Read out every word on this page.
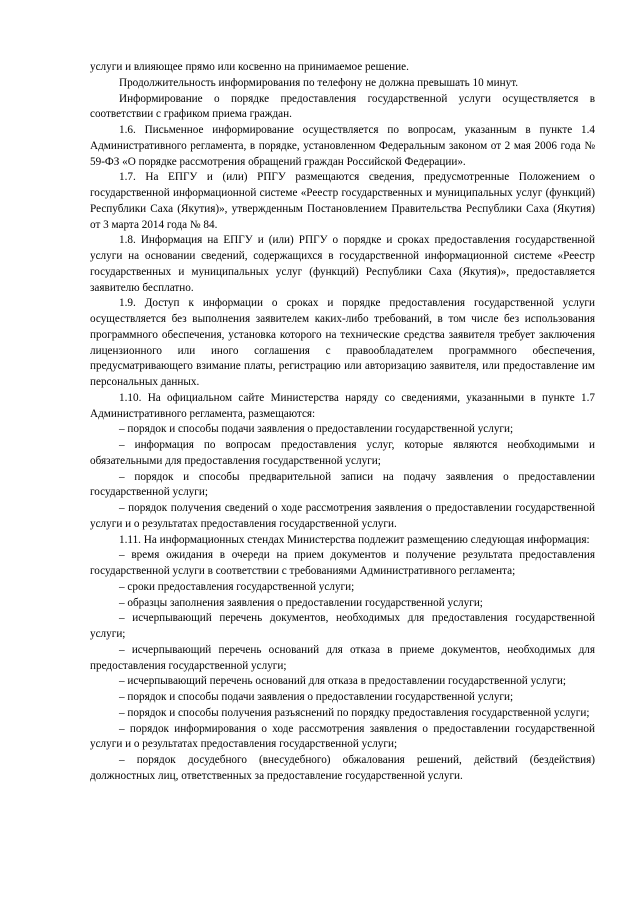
услуги и влияющее прямо или косвенно на принимаемое решение.

Продолжительность информирования по телефону не должна превышать 10 минут.

Информирование о порядке предоставления государственной услуги осуществляется в соответствии с графиком приема граждан.

1.6. Письменное информирование осуществляется по вопросам, указанным в пункте 1.4 Административного регламента, в порядке, установленном Федеральным законом от 2 мая 2006 года № 59-ФЗ «О порядке рассмотрения обращений граждан Российской Федерации».

1.7. На ЕПГУ и (или) РПГУ размещаются сведения, предусмотренные Положением о государственной информационной системе «Реестр государственных и муниципальных услуг (функций) Республики Саха (Якутия)», утвержденным Постановлением Правительства Республики Саха (Якутия) от 3 марта 2014 года № 84.

1.8. Информация на ЕПГУ и (или) РПГУ о порядке и сроках предоставления государственной услуги на основании сведений, содержащихся в государственной информационной системе «Реестр государственных и муниципальных услуг (функций) Республики Саха (Якутия)», предоставляется заявителю бесплатно.

1.9. Доступ к информации о сроках и порядке предоставления государственной услуги осуществляется без выполнения заявителем каких-либо требований, в том числе без использования программного обеспечения, установка которого на технические средства заявителя требует заключения лицензионного или иного соглашения с правообладателем программного обеспечения, предусматривающего взимание платы, регистрацию или авторизацию заявителя, или предоставление им персональных данных.

1.10. На официальном сайте Министерства наряду со сведениями, указанными в пункте 1.7 Административного регламента, размещаются:

– порядок и способы подачи заявления о предоставлении государственной услуги;

– информация по вопросам предоставления услуг, которые являются необходимыми и обязательными для предоставления государственной услуги;

– порядок и способы предварительной записи на подачу заявления о предоставлении государственной услуги;

– порядок получения сведений о ходе рассмотрения заявления о предоставлении государственной услуги и о результатах предоставления государственной услуги.

1.11. На информационных стендах Министерства подлежит размещению следующая информация:

– время ожидания в очереди на прием документов и получение результата предоставления государственной услуги в соответствии с требованиями Административного регламента;

– сроки предоставления государственной услуги;

– образцы заполнения заявления о предоставлении государственной услуги;

– исчерпывающий перечень документов, необходимых для предоставления государственной услуги;

– исчерпывающий перечень оснований для отказа в приеме документов, необходимых для предоставления государственной услуги;

– исчерпывающий перечень оснований для отказа в предоставлении государственной услуги;

– порядок и способы подачи заявления о предоставлении государственной услуги;

– порядок и способы получения разъяснений по порядку предоставления государственной услуги;

– порядок информирования о ходе рассмотрения заявления о предоставлении государственной услуги и о результатах предоставления государственной услуги;

– порядок досудебного (внесудебного) обжалования решений, действий (бездействия) должностных лиц, ответственных за предоставление государственной услуги.
